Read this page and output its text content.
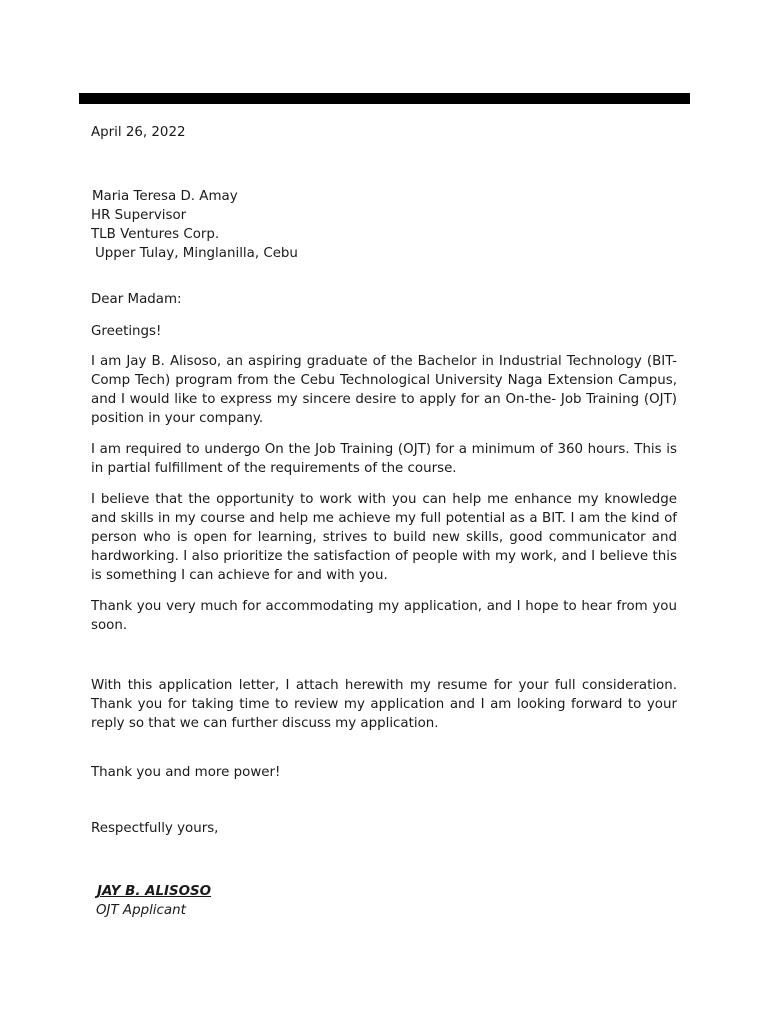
April 26, 2022
Maria Teresa D. Amay
HR Supervisor
TLB Ventures Corp.
Upper Tulay, Minglanilla, Cebu
Dear Madam:
Greetings!

I am Jay B. Alisoso, an aspiring graduate of the Bachelor in Industrial Technology (BIT- Comp Tech) program from the Cebu Technological University Naga Extension Campus, and I would like to express my sincere desire to apply for an On-the- Job Training (OJT) position in your company.

I am required to undergo On the Job Training (OJT) for a minimum of 360 hours. This is in partial fulfillment of the requirements of the course.

I believe that the opportunity to work with you can help me enhance my knowledge and skills in my course and help me achieve my full potential as a BIT. I am the kind of person who is open for learning, strives to build new skills, good communicator and hardworking. I also prioritize the satisfaction of people with my work, and I believe this is something I can achieve for and with you.

Thank you very much for accommodating my application, and I hope to hear from you soon.

With this application letter, I attach herewith my resume for your full consideration. Thank you for taking time to review my application and I am looking forward to your reply so that we can further discuss my application.

Thank you and more power!
Respectfully yours,
JAY B. ALISOSO
OJT Applicant
